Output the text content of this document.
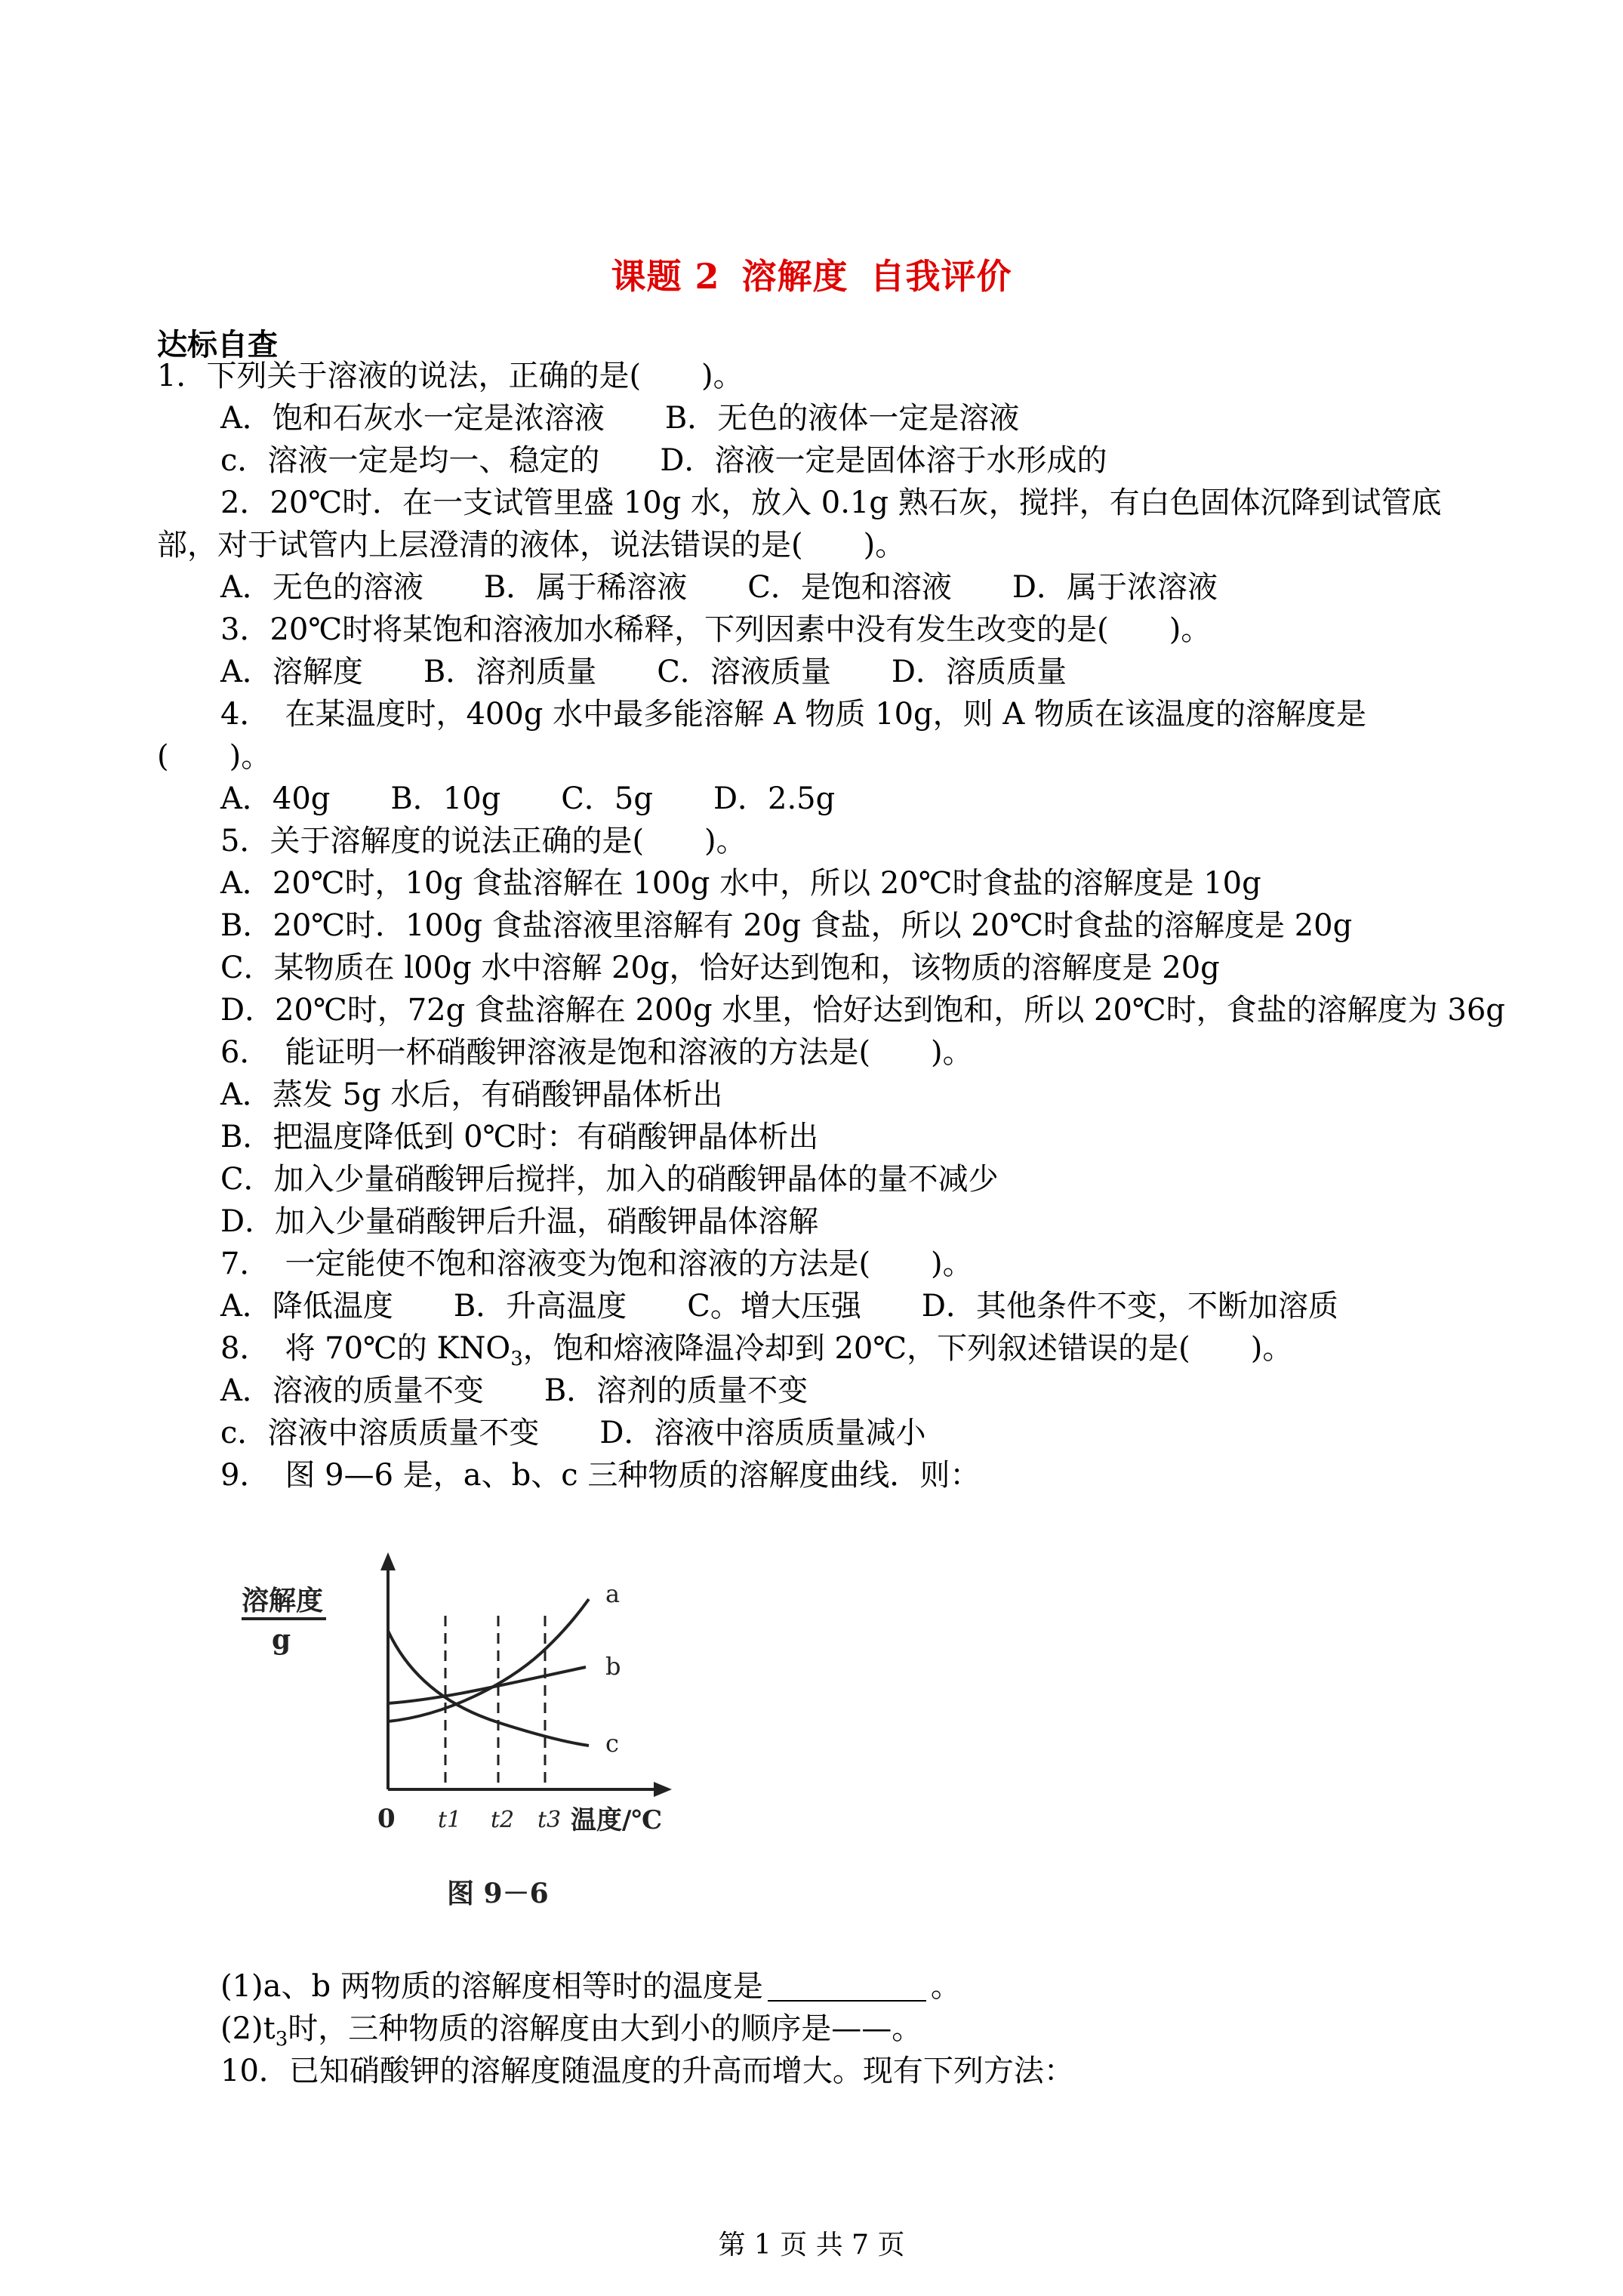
课题 2 溶解度 自我评价
达标自查
1．下列关于溶液的说法，正确的是(　　)。
A．饱和石灰水一定是浓溶液　　B．无色的液体一定是溶液
c．溶液一定是均一、稳定的　　D．溶液一定是固体溶于水形成的
2．20℃时．在一支试管里盛 10g 水，放入 0.1g 熟石灰，搅拌，有白色固体沉降到试管底
部，对于试管内上层澄清的液体，说法错误的是(　　)。
A．无色的溶液　　B．属于稀溶液　　C．是饱和溶液　　D．属于浓溶液
3．20℃时将某饱和溶液加水稀释，下列因素中没有发生改变的是(　　)。
A．溶解度　　B．溶剂质量　　C．溶液质量　　D．溶质质量
4．　在某温度时，400g 水中最多能溶解 A 物质 10g，则 A 物质在该温度的溶解度是
(　　)。
A．40g　　B．10g　　C．5g　　D．2.5g
5．关于溶解度的说法正确的是(　　)。
A．20℃时，10g 食盐溶解在 100g 水中，所以 20℃时食盐的溶解度是 10g
B．20℃时．100g 食盐溶液里溶解有 20g 食盐，所以 20℃时食盐的溶解度是 20g
C．某物质在 l00g 水中溶解 20g，恰好达到饱和，该物质的溶解度是 20g
D．20℃时，72g 食盐溶解在 200g 水里，恰好达到饱和，所以 20℃时，食盐的溶解度为 36g
6．　能证明一杯硝酸钾溶液是饱和溶液的方法是(　　)。
A．蒸发 5g 水后，有硝酸钾晶体析出
B．把温度降低到 0℃时：有硝酸钾晶体析出
C．加入少量硝酸钾后搅拌，加入的硝酸钾晶体的量不减少
D．加入少量硝酸钾后升温，硝酸钾晶体溶解
7．　一定能使不饱和溶液变为饱和溶液的方法是(　　)。
A．降低温度　　B．升高温度　　C。增大压强　　D．其他条件不变，不断加溶质
8．　将 70℃的 $KNO_3$，饱和熔液降温冷却到 20℃，下列叙述错误的是(　　)。
A．溶液的质量不变　　B．溶剂的质量不变
c．溶液中溶质质量不变　　D．溶液中溶质质量减小
9．　图 9—6 是，a、b、c 三种物质的溶解度曲线．则：
溶解度
g
a
b
c
0 t1 t2 t3 温度/℃
图 9－6
(1)a、b 两物质的溶解度相等时的温度是	。
$(2)t_3$时，三种物质的溶解度由大到小的顺序是——。
10．已知硝酸钾的溶解度随温度的升高而增大。现有下列方法：
第 1 页 共 7 页
